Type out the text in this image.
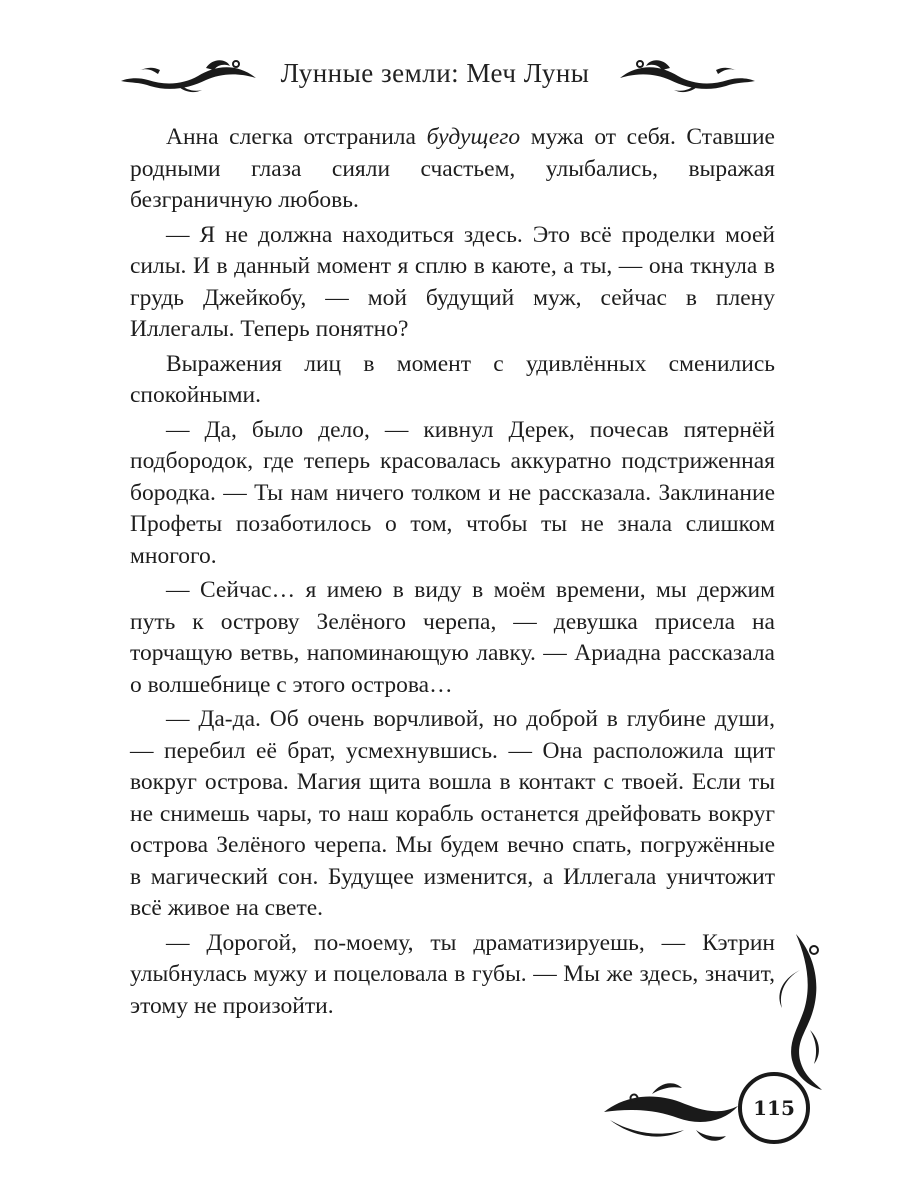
Лунные земли: Меч Луны

Анна слегка отстранила будущего мужа от себя. Ставшие родными глаза сияли счастьем, улыбались, выражая безграничную любовь.

— Я не должна находиться здесь. Это всё проделки моей силы. И в данный момент я сплю в каюте, а ты, — она ткнула в грудь Джейкобу, — мой будущий муж, сейчас в плену Иллегалы. Теперь понятно?

Выражения лиц в момент с удивлённых сменились спокойными.

— Да, было дело, — кивнул Дерек, почесав пятернёй подбородок, где теперь красовалась аккуратно подстриженная бородка. — Ты нам ничего толком и не рассказала. Заклинание Профеты позаботилось о том, чтобы ты не знала слишком многого.

— Сейчас… я имею в виду в моём времени, мы держим путь к острову Зелёного черепа, — девушка присела на торчащую ветвь, напоминающую лавку. — Ариадна рассказала о волшебнице с этого острова…

— Да-да. Об очень ворчливой, но доброй в глубине души, — перебил её брат, усмехнувшись. — Она расположила щит вокруг острова. Магия щита вошла в контакт с твоей. Если ты не снимешь чары, то наш корабль останется дрейфовать вокруг острова Зелёного черепа. Мы будем вечно спать, погружённые в магический сон. Будущее изменится, а Иллегала уничтожит всё живое на свете.

— Дорогой, по-моему, ты драматизируешь, — Кэтрин улыбнулась мужу и поцеловала в губы. — Мы же здесь, значит, этому не произойти.

115
